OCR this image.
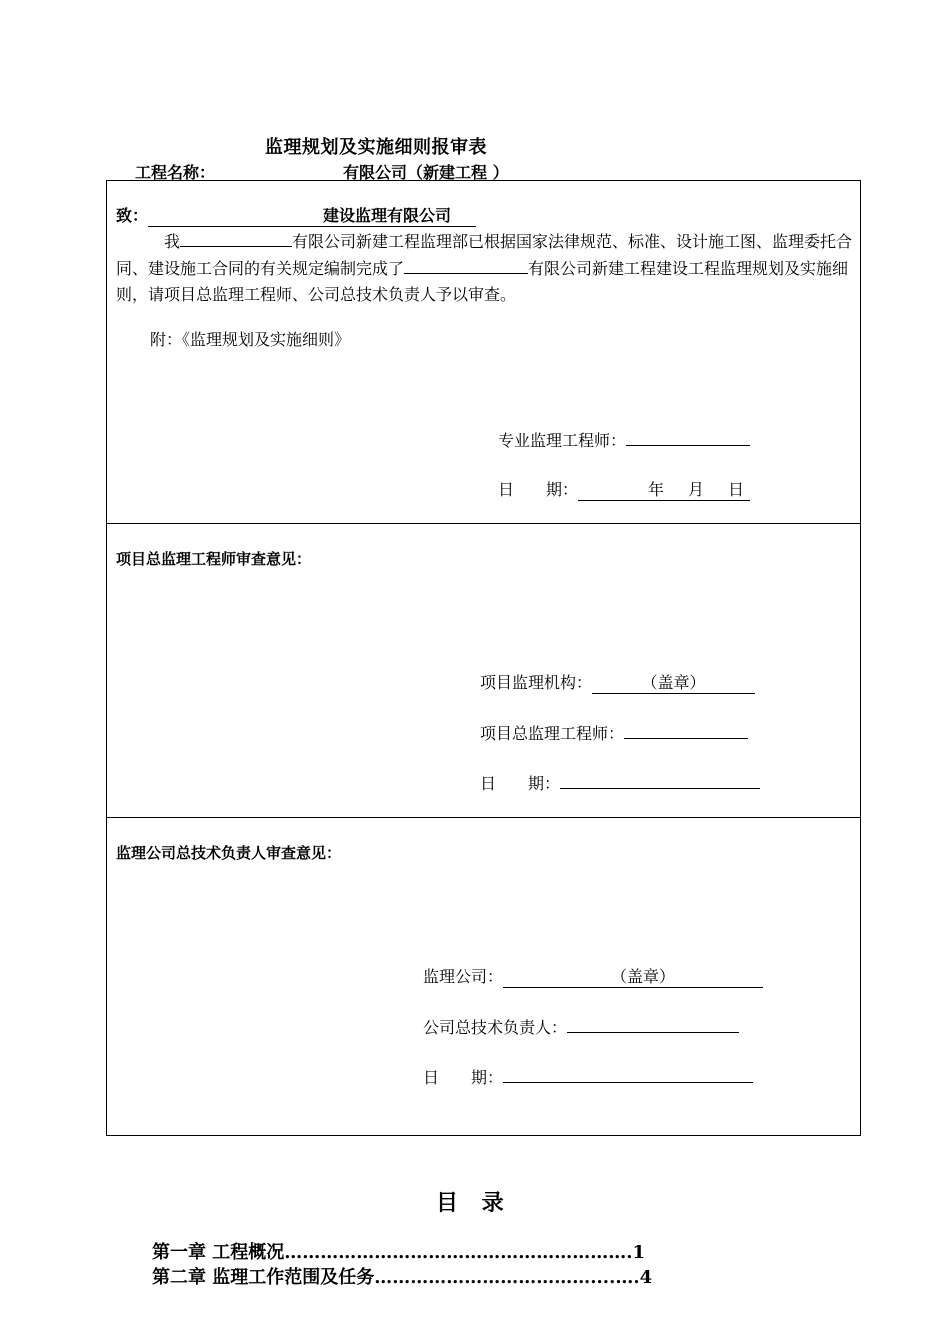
监理规划及实施细则报审表
工程名称：	有限公司（新建工程 ）
致：	建设监理有限公司
我	有限公司新建工程监理部已根据国家法律规范、标准、设计施工图、监理委托合同、建设施工合同的有关规定编制完成了	有限公司新建工程建设工程监理规划及实施细则，请项目总监理工程师、公司总技术负责人予以审查。
附：《监理规划及实施细则》
专业监理工程师：
日　　期：	年 月 日
项目总监理工程师审查意见：
项目监理机构：	（盖章）
项目总监理工程师：
日　　期：
监理公司总技术负责人审查意见：
监理公司：	（盖章）
公司总技术负责人：
日　　期：
目 录
第一章 工程概况………………………………………………….1
第二章 监理工作范围及任务………………………………....….4
